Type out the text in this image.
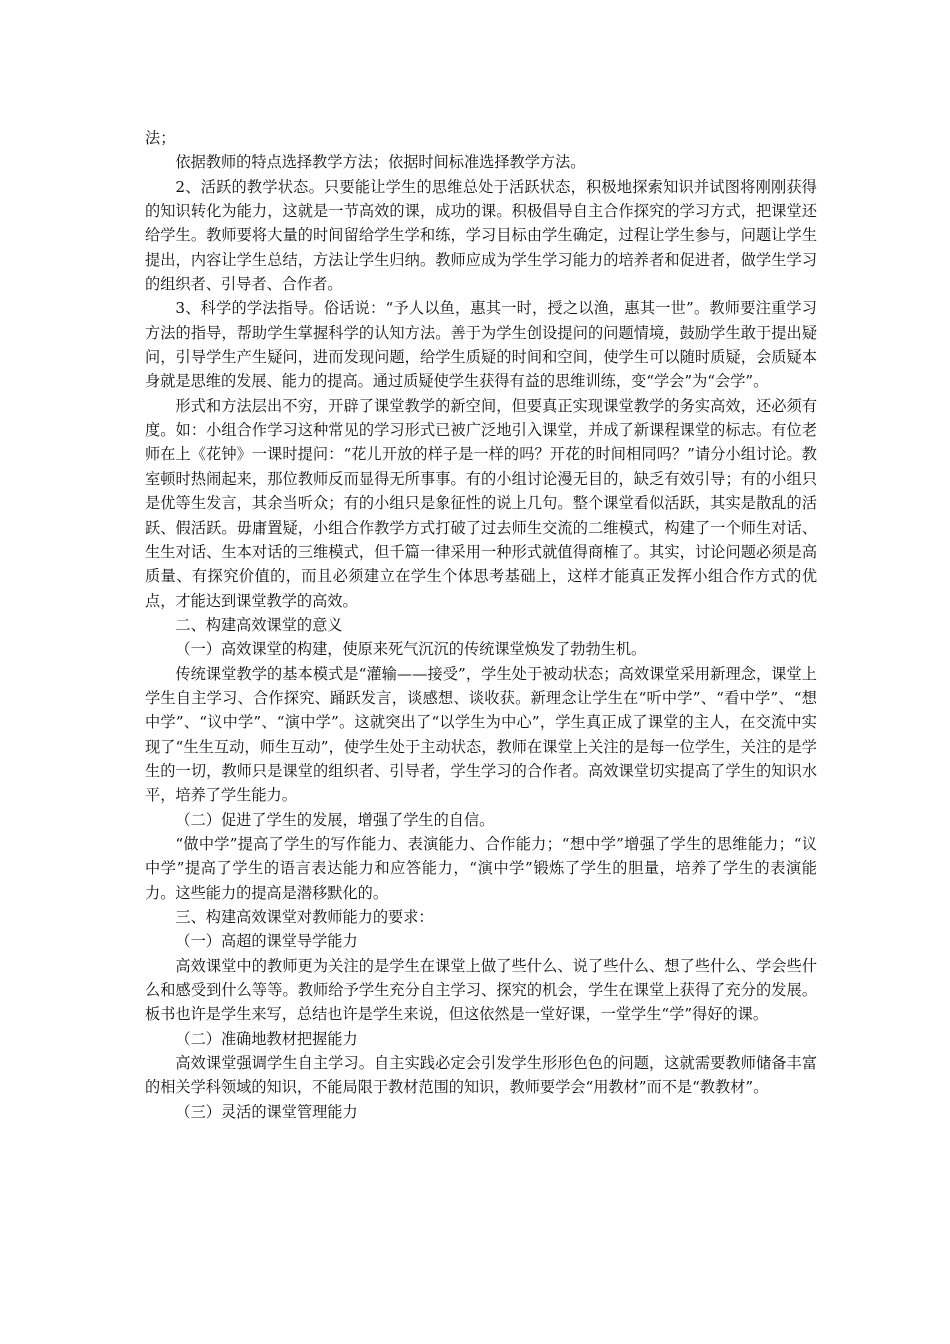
法；

依据教师的特点选择教学方法；依据时间标准选择教学方法。

2、活跃的教学状态。只要能让学生的思维总处于活跃状态，积极地探索知识并试图将刚刚获得的知识转化为能力，这就是一节高效的课，成功的课。积极倡导自主合作探究的学习方式，把课堂还给学生。教师要将大量的时间留给学生学和练，学习目标由学生确定，过程让学生参与，问题让学生提出，内容让学生总结，方法让学生归纳。教师应成为学生学习能力的培养者和促进者，做学生学习的组织者、引导者、合作者。

3、科学的学法指导。俗话说：“予人以鱼，惠其一时，授之以渔，惠其一世”。教师要注重学习方法的指导，帮助学生掌握科学的认知方法。善于为学生创设提问的问题情境，鼓励学生敢于提出疑问，引导学生产生疑问，进而发现问题，给学生质疑的时间和空间，使学生可以随时质疑，会质疑本身就是思维的发展、能力的提高。通过质疑使学生获得有益的思维训练，变“学会”为“会学”。

形式和方法层出不穷，开辟了课堂教学的新空间，但要真正实现课堂教学的务实高效，还必须有度。如：小组合作学习这种常见的学习形式已被广泛地引入课堂，并成了新课程课堂的标志。有位老师在上《花钟》一课时提问：“花儿开放的样子是一样的吗？开花的时间相同吗？”请分小组讨论。教室顿时热闹起来，那位教师反而显得无所事事。有的小组讨论漫无目的，缺乏有效引导；有的小组只是优等生发言，其余当听众；有的小组只是象征性的说上几句。整个课堂看似活跃，其实是散乱的活跃、假活跃。毋庸置疑，小组合作教学方式打破了过去师生交流的二维模式，构建了一个师生对话、生生对话、生本对话的三维模式，但千篇一律采用一种形式就值得商榷了。其实，讨论问题必须是高质量、有探究价值的，而且必须建立在学生个体思考基础上，这样才能真正发挥小组合作方式的优点，才能达到课堂教学的高效。

二、构建高效课堂的意义

（一）高效课堂的构建，使原来死气沉沉的传统课堂焕发了勃勃生机。

传统课堂教学的基本模式是“灌输——接受”，学生处于被动状态；高效课堂采用新理念，课堂上学生自主学习、合作探究、踊跃发言，谈感想、谈收获。新理念让学生在“听中学”、“看中学”、“想中学”、“议中学”、“演中学”。这就突出了“以学生为中心”，学生真正成了课堂的主人，在交流中实现了“生生互动，师生互动”，使学生处于主动状态，教师在课堂上关注的是每一位学生，关注的是学生的一切，教师只是课堂的组织者、引导者，学生学习的合作者。高效课堂切实提高了学生的知识水平，培养了学生能力。

（二）促进了学生的发展，增强了学生的自信。

“做中学”提高了学生的写作能力、表演能力、合作能力；“想中学”增强了学生的思维能力；“议中学”提高了学生的语言表达能力和应答能力，“演中学”锻炼了学生的胆量，培养了学生的表演能力。这些能力的提高是潜移默化的。

三、构建高效课堂对教师能力的要求：

（一）高超的课堂导学能力

高效课堂中的教师更为关注的是学生在课堂上做了些什么、说了些什么、想了些什么、学会些什么和感受到什么等等。教师给予学生充分自主学习、探究的机会，学生在课堂上获得了充分的发展。板书也许是学生来写，总结也许是学生来说，但这依然是一堂好课，一堂学生“学”得好的课。

（二）准确地教材把握能力

高效课堂强调学生自主学习。自主实践必定会引发学生形形色色的问题，这就需要教师储备丰富的相关学科领域的知识，不能局限于教材范围的知识，教师要学会“用教材”而不是“教教材”。

（三）灵活的课堂管理能力
